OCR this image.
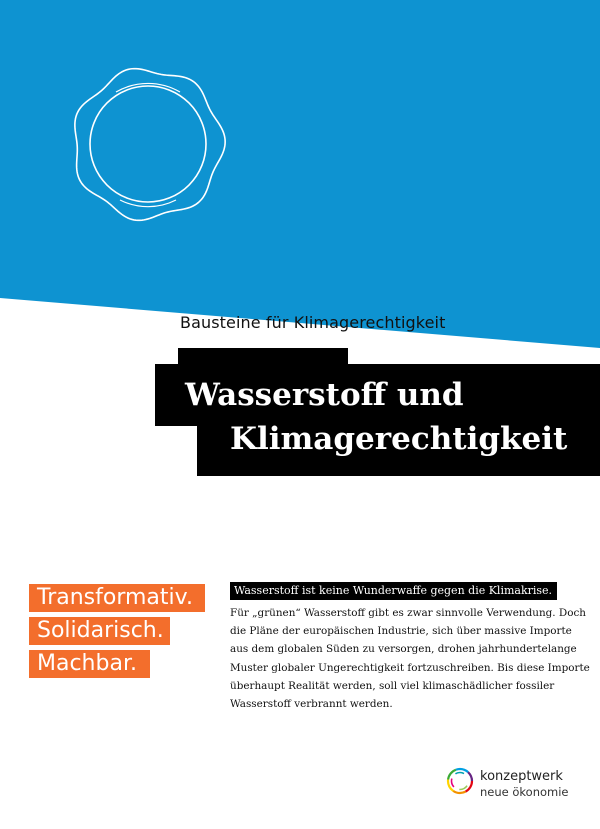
Bausteine für Klimagerechtigkeit
Wasserstoff und
Klimagerechtigkeit
Transformativ.
Solidarisch.
Machbar.
Wasserstoff ist keine Wunderwaffe gegen die Klimakrise.

Für „grünen“ Wasserstoff gibt es zwar sinnvolle Verwendung. Doch
die Pläne der europäischen Industrie, sich über massive Importe
aus dem globalen Süden zu versorgen, drohen jahrhundertelange
Muster globaler Ungerechtigkeit fortzuschreiben. Bis diese Importe
überhaupt Realität werden, soll viel klimaschädlicher fossiler
Wasserstoff verbrannt werden.

konzeptwerk
neue ökonomie
